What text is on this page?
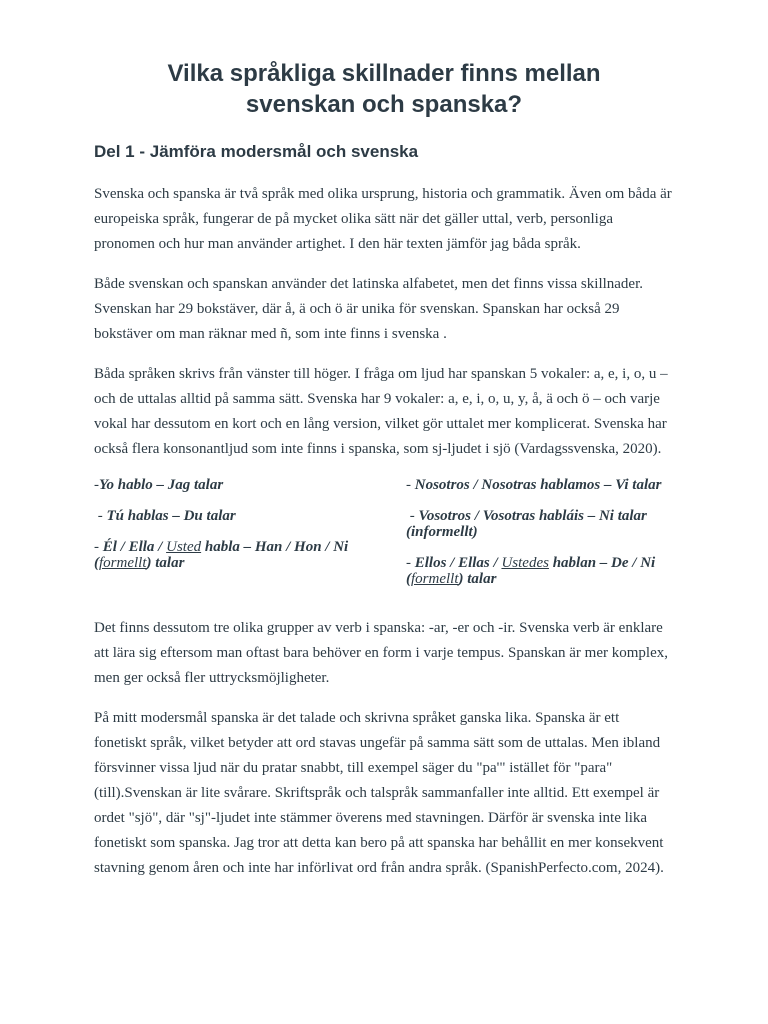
Vilka språkliga skillnader finns mellan
svenskan och spanska?
Del 1 - Jämföra modersmål och svenska

Svenska och spanska är två språk med olika ursprung, historia och grammatik. Även om båda är europeiska språk, fungerar de på mycket olika sätt när det gäller uttal, verb, personliga pronomen och hur man använder artighet. I den här texten jämför jag båda språk.

Både svenskan och spanskan använder det latinska alfabetet, men det finns vissa skillnader. Svenskan har 29 bokstäver, där å, ä och ö är unika för svenskan. Spanskan har också 29 bokstäver om man räknar med ñ, som inte finns i svenska .

Båda språken skrivs från vänster till höger. I fråga om ljud har spanskan 5 vokaler: a, e, i, o, u – och de uttalas alltid på samma sätt. Svenska har 9 vokaler: a, e, i, o, u, y, å, ä och ö – och varje vokal har dessutom en kort och en lång version, vilket gör uttalet mer komplicerat. Svenska har också flera konsonantljud som inte finns i spanska, som sj-ljudet i sjö (Vardagssvenska, 2020).

-Yo hablo – Jag talar
- Tú hablas – Du talar
- Él / Ella / Usted habla – Han / Hon / Ni (formellt) talar
- Nosotros / Nosotras hablamos – Vi talar
- Vosotros / Vosotras habláis – Ni talar (informellt)
- Ellos / Ellas / Ustedes hablan – De / Ni (formellt) talar

Det finns dessutom tre olika grupper av verb i spanska: -ar, -er och -ir. Svenska verb är enklare att lära sig eftersom man oftast bara behöver en form i varje tempus. Spanskan är mer komplex, men ger också fler uttrycksmöjligheter.

På mitt modersmål spanska är det talade och skrivna språket ganska lika. Spanska är ett fonetiskt språk, vilket betyder att ord stavas ungefär på samma sätt som de uttalas. Men ibland försvinner vissa ljud när du pratar snabbt, till exempel säger du "pa'" istället för "para" (till).Svenskan är lite svårare. Skriftspråk och talspråk sammanfaller inte alltid. Ett exempel är ordet "sjö", där "sj"-ljudet inte stämmer överens med stavningen. Därför är svenska inte lika fonetiskt som spanska. Jag tror att detta kan bero på att spanska har behållit en mer konsekvent stavning genom åren och inte har införlivat ord från andra språk. (SpanishPerfecto.com, 2024).
